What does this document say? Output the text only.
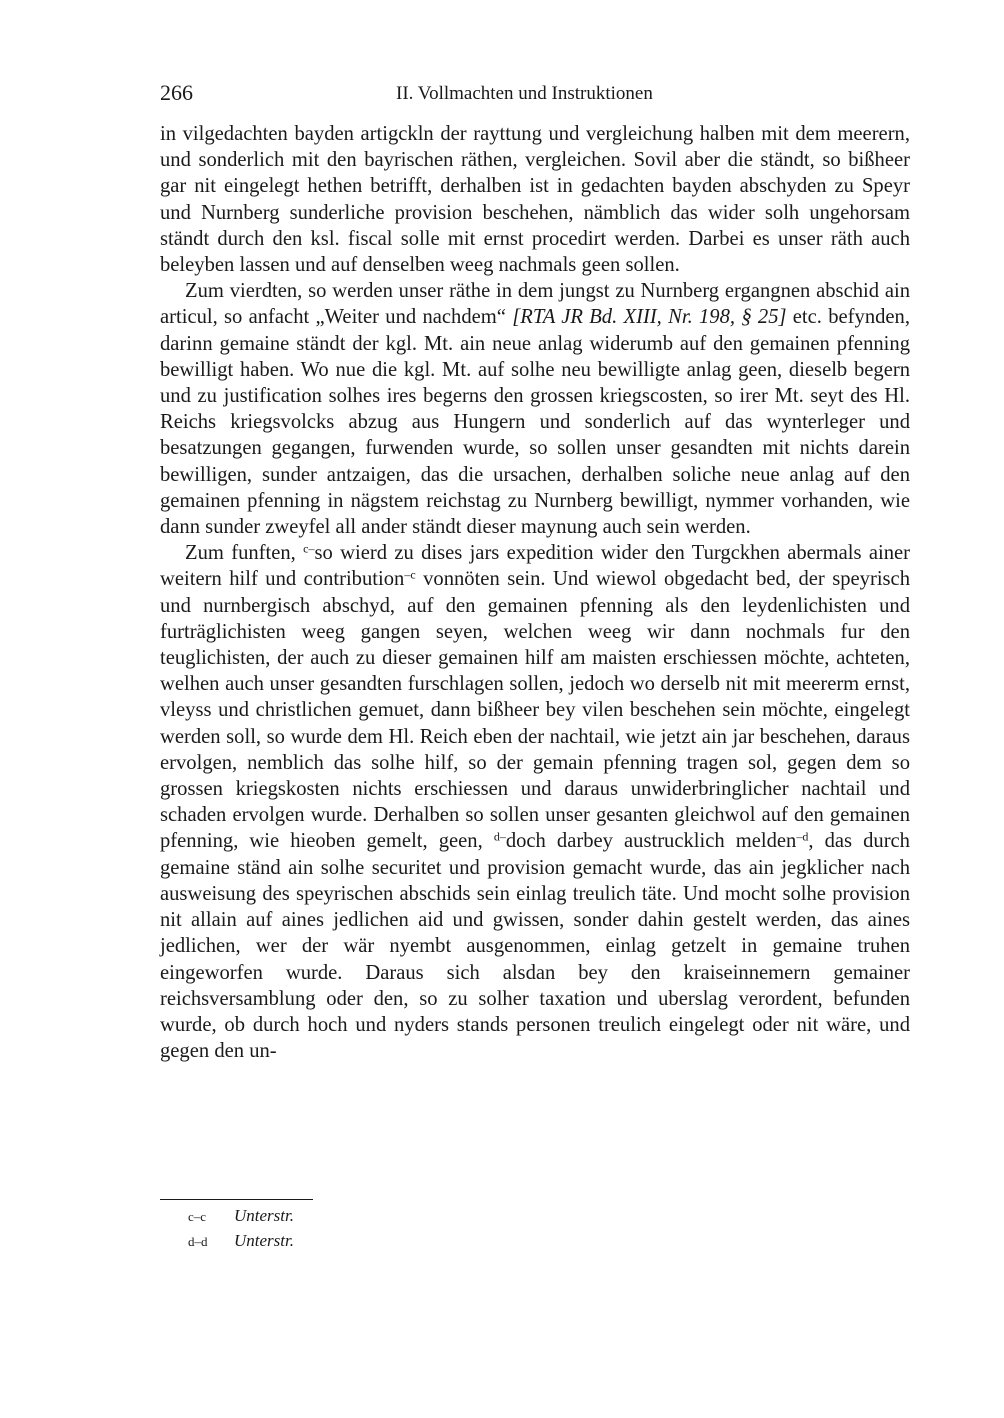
266	II. Vollmachten und Instruktionen

in vilgedachten bayden artigckln der rayttung und vergleichung halben mit dem meerern, und sonderlich mit den bayrischen räthen, vergleichen. Sovil aber die ständt, so bißheer gar nit eingelegt hethen betrifft, derhalben ist in gedachten bayden abschyden zu Speyr und Nurnberg sunderliche provision beschehen, nämblich das wider solh ungehorsam ständt durch den ksl. fiscal solle mit ernst procedirt werden. Darbei es unser räth auch beleyben lassen und auf denselben weeg nachmals geen sollen.

Zum vierdten, so werden unser räthe in dem jungst zu Nurnberg ergangnen abschid ain articul, so anfacht „Weiter und nachdem“ [RTA JR Bd. XIII, Nr. 198, § 25] etc. befynden, darinn gemaine ständt der kgl. Mt. ain neue anlag widerumb auf den gemainen pfenning bewilligt haben. Wo nue die kgl. Mt. auf solhe neu bewilligte anlag geen, dieselb begern und zu justification solhes ires begerns den grossen kriegscosten, so irer Mt. seyt des Hl. Reichs kriegsvolcks abzug aus Hungern und sonderlich auf das wynterleger und besatzungen gegangen, furwenden wurde, so sollen unser gesandten mit nichts darein bewilligen, sunder antzaigen, das die ursachen, derhalben soliche neue anlag auf den gemainen pfenning in nägstem reichstag zu Nurnberg bewilligt, nymmer vorhanden, wie dann sunder zweyfel all ander ständt dieser maynung auch sein werden.

Zum funften, $^{c-}$so wierd zu dises jars expedition wider den Turgckhen abermals ainer weitern hilf und contribution$^{-c}$ vonnöten sein. Und wiewol obgedacht bed, der speyrisch und nurnbergisch abschyd, auf den gemainen pfenning als den leydenlichisten und furträglichisten weeg gangen seyen, welchen weeg wir dann nochmals fur den teuglichisten, der auch zu dieser gemainen hilf am maisten erschiessen möchte, achteten, welhen auch unser gesandten furschlagen sollen, jedoch wo derselb nit mit meererm ernst, vleyss und christlichen gemuet, dann bißheer bey vilen beschehen sein möchte, eingelegt werden soll, so wurde dem Hl. Reich eben der nachtail, wie jetzt ain jar beschehen, daraus ervolgen, nemblich das solhe hilf, so der gemain pfenning tragen sol, gegen dem so grossen kriegskosten nichts erschiessen und daraus unwiderbringlicher nachtail und schaden ervolgen wurde. Derhalben so sollen unser gesanten gleichwol auf den gemainen pfenning, wie hieoben gemelt, geen, $^{d-}$doch darbey austrucklich melden$^{-d}$, das durch gemaine ständ ain solhe securitet und provision gemacht wurde, das ain jegklicher nach ausweisung des speyrischen abschids sein einlag treulich täte. Und mocht solhe provision nit allain auf aines jedlichen aid und gwissen, sonder dahin gestelt werden, das aines jedlichen, wer der wär nyembt ausgenommen, einlag getzelt in gemaine truhen eingeworfen wurde. Daraus sich alsdan bey den kraiseinnemern gemainer reichsversamblung oder den, so zu solher taxation und uberslag verordent, befunden wurde, ob durch hoch und nyders stands personen treulich eingelegt oder nit wäre, und gegen den un-

c–c	Unterstr.
d–d	Unterstr.
